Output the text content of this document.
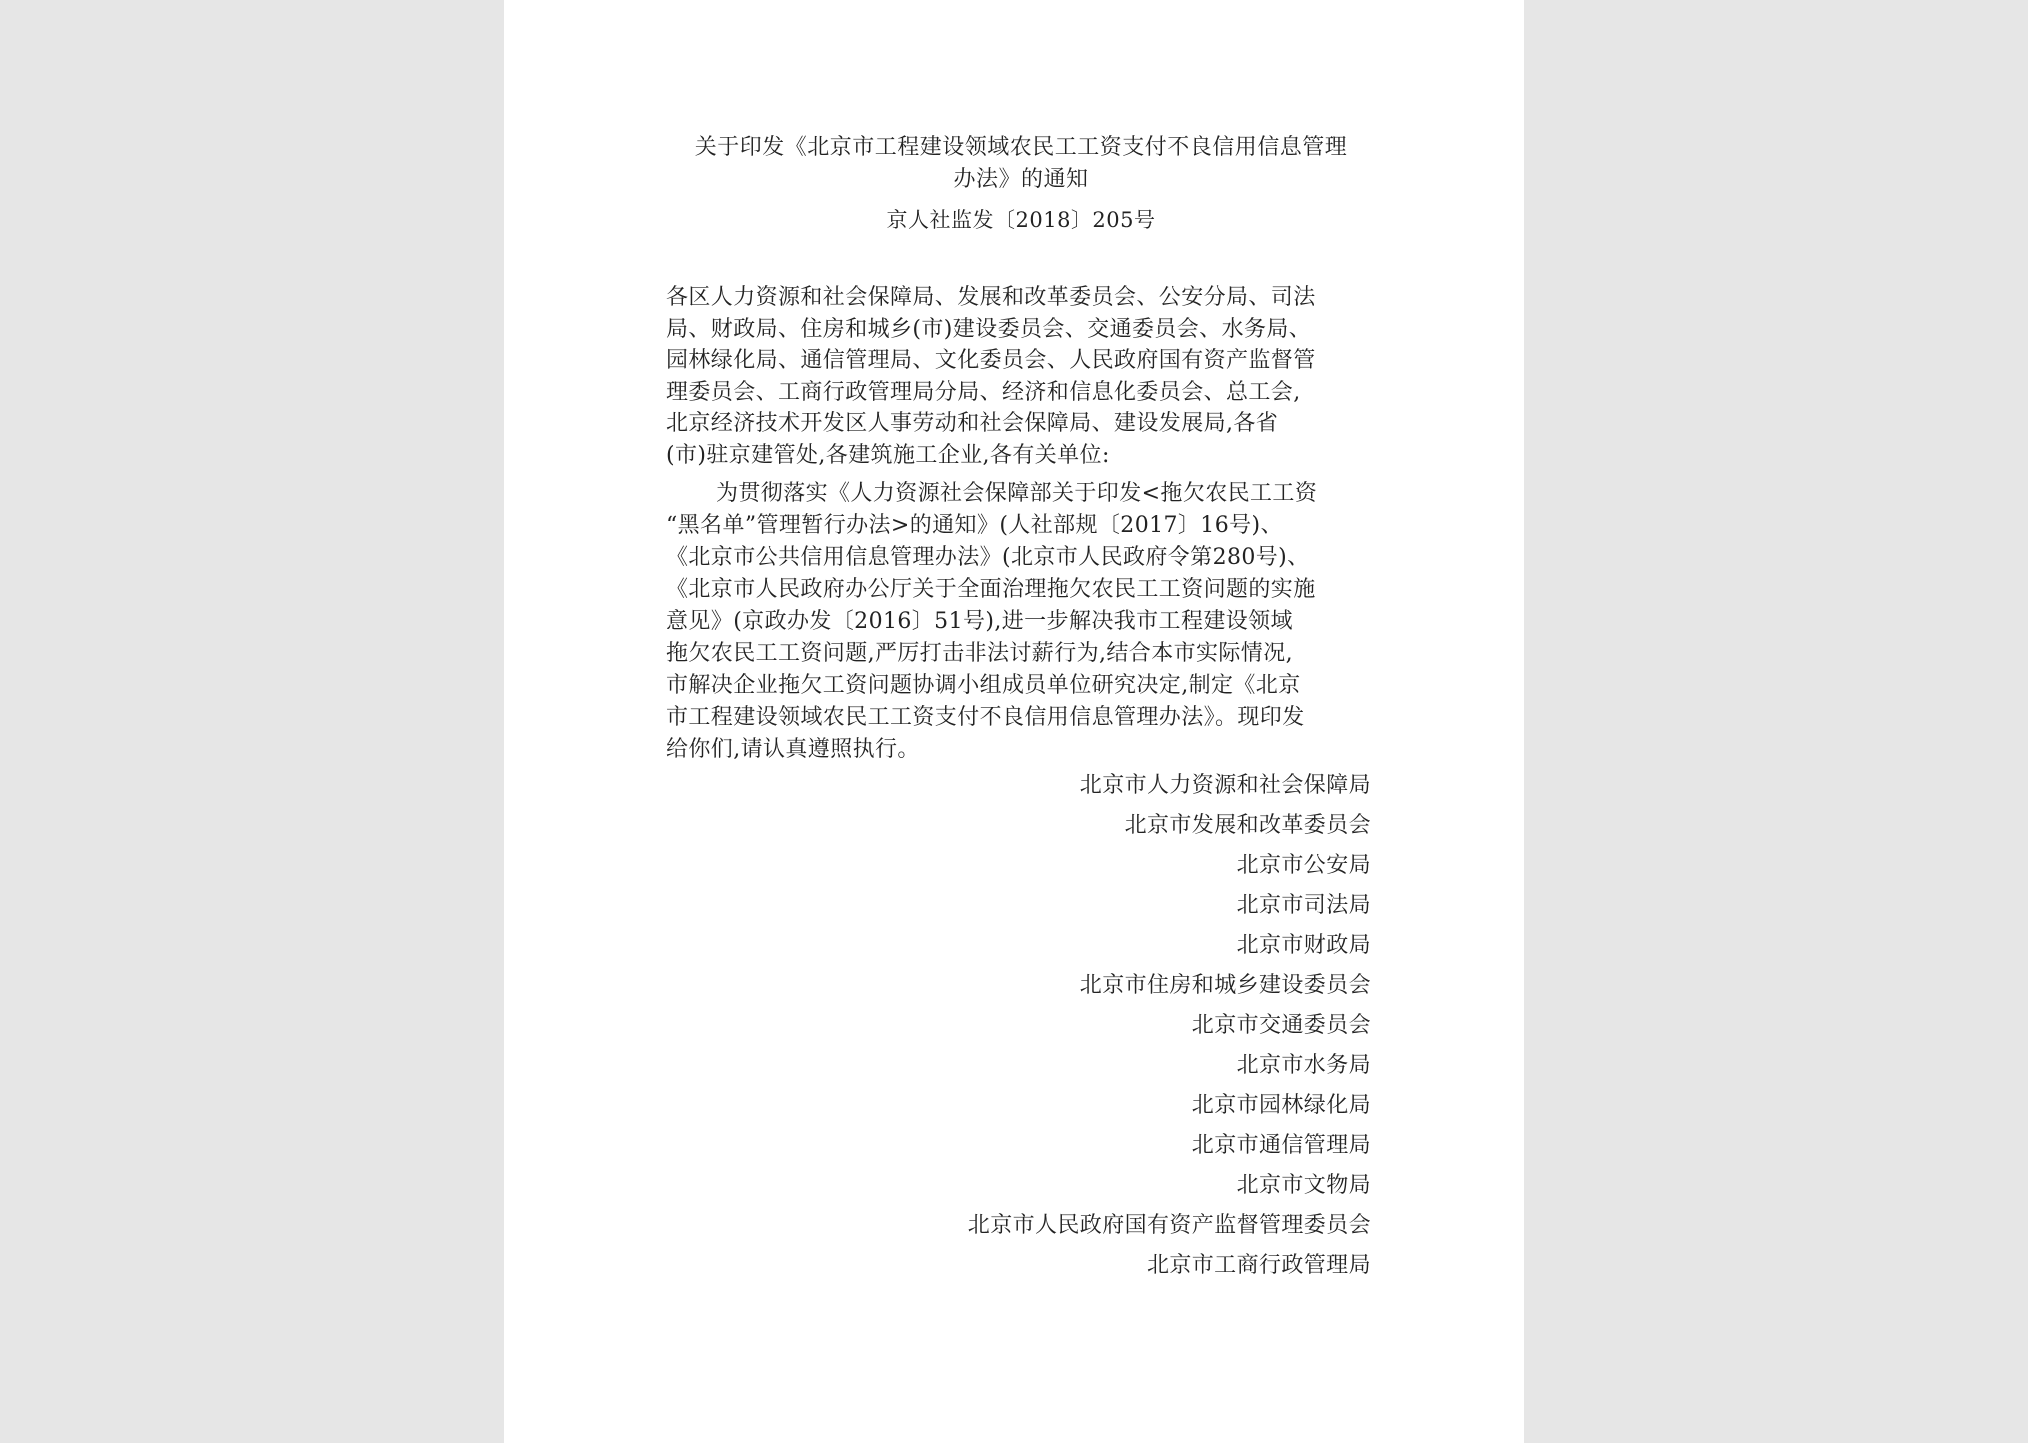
关于印发《北京市工程建设领域农民工工资支付不良信用信息管理
办法》的通知
京人社监发〔2018〕205号
各区人力资源和社会保障局、发展和改革委员会、公安分局、司法
局、财政局、住房和城乡(市)建设委员会、交通委员会、水务局、
园林绿化局、通信管理局、文化委员会、人民政府国有资产监督管
理委员会、工商行政管理局分局、经济和信息化委员会、总工会,
北京经济技术开发区人事劳动和社会保障局、建设发展局,各省
(市)驻京建管处,各建筑施工企业,各有关单位:
为贯彻落实《人力资源社会保障部关于印发<拖欠农民工工资
“黑名单”管理暂行办法>的通知》(人社部规〔2017〕16号)、
《北京市公共信用信息管理办法》(北京市人民政府令第280号)、
《北京市人民政府办公厅关于全面治理拖欠农民工工资问题的实施
意见》(京政办发〔2016〕51号),进一步解决我市工程建设领域
拖欠农民工工资问题,严厉打击非法讨薪行为,结合本市实际情况,
市解决企业拖欠工资问题协调小组成员单位研究决定,制定《北京
市工程建设领域农民工工资支付不良信用信息管理办法》。现印发
给你们,请认真遵照执行。
北京市人力资源和社会保障局
北京市发展和改革委员会
北京市公安局
北京市司法局
北京市财政局
北京市住房和城乡建设委员会
北京市交通委员会
北京市水务局
北京市园林绿化局
北京市通信管理局
北京市文物局
北京市人民政府国有资产监督管理委员会
北京市工商行政管理局
